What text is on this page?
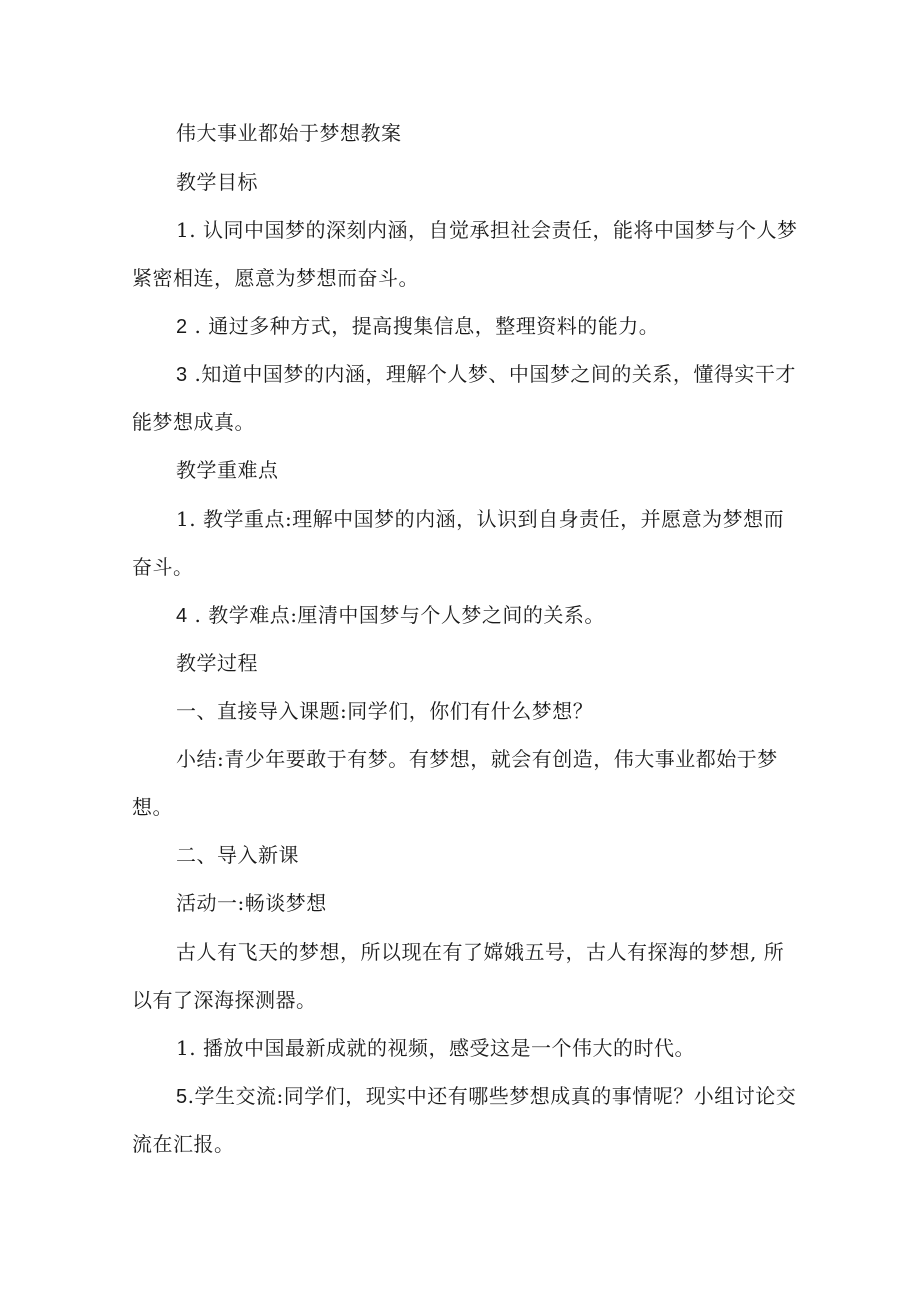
伟大事业都始于梦想教案
教学目标
1. 认同中国梦的深刻内涵，自觉承担社会责任，能将中国梦与个人梦
紧密相连，愿意为梦想而奋斗。
2 . 通过多种方式，提高搜集信息，整理资料的能力。
3 .知道中国梦的内涵，理解个人梦、中国梦之间的关系，懂得实干才
能梦想成真。
教学重难点
1. 教学重点:理解中国梦的内涵，认识到自身责任，并愿意为梦想而
奋斗。
4 . 教学难点:厘清中国梦与个人梦之间的关系。
教学过程
一、直接导入课题:同学们，你们有什么梦想？
小结:青少年要敢于有梦。有梦想，就会有创造，伟大事业都始于梦
想。
二、导入新课
活动一:畅谈梦想
古人有飞天的梦想，所以现在有了嫦娥五号，古人有探海的梦想, 所
以有了深海探测器。
1. 播放中国最新成就的视频，感受这是一个伟大的时代。
5.学生交流:同学们，现实中还有哪些梦想成真的事情呢？小组讨论交
流在汇报。
